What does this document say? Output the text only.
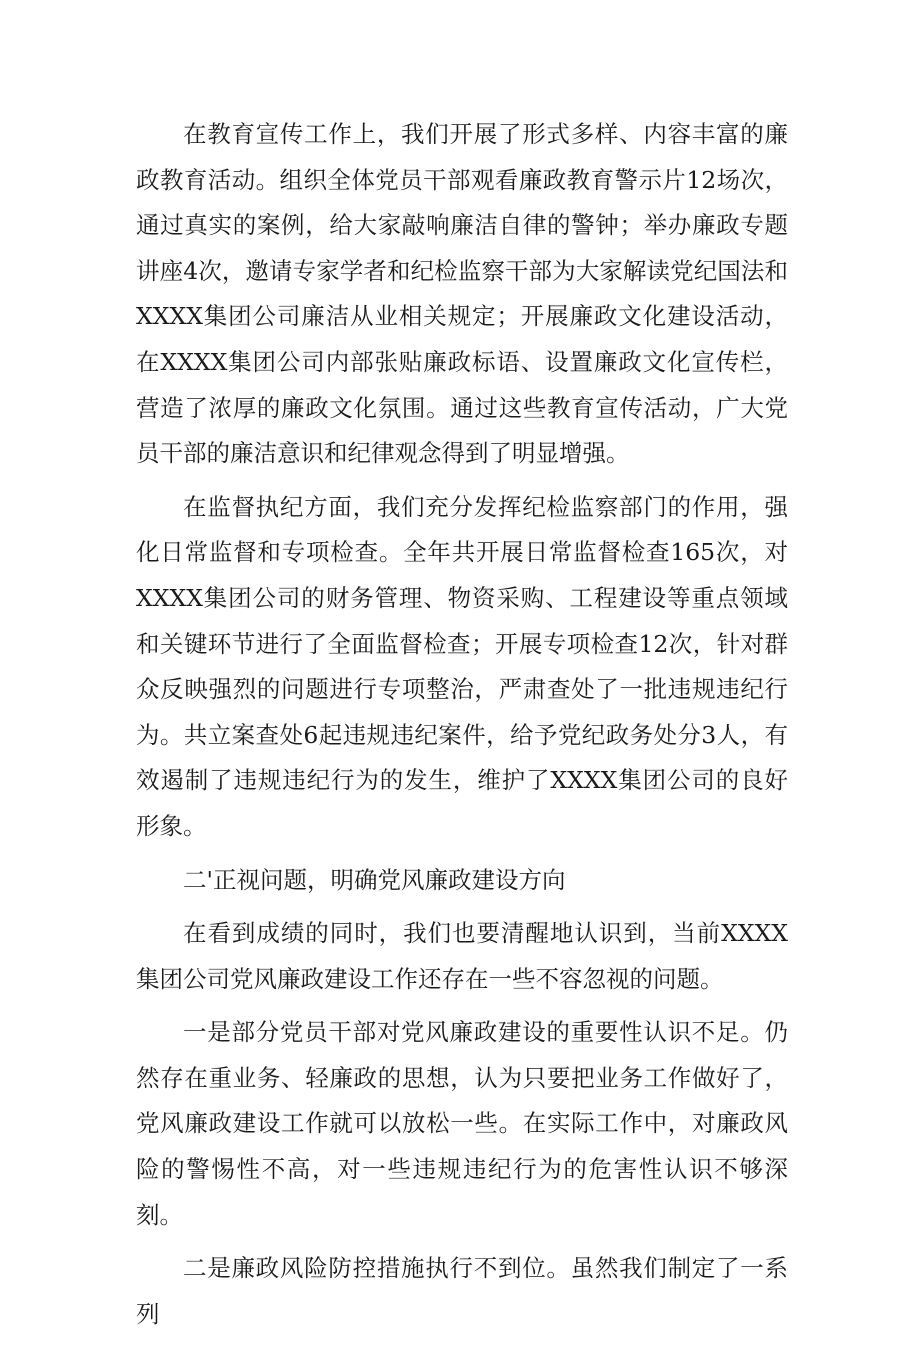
在教育宣传工作上，我们开展了形式多样、内容丰富的廉政教育活动。组织全体党员干部观看廉政教育警示片12场次，通过真实的案例，给大家敲响廉洁自律的警钟；举办廉政专题讲座4次，邀请专家学者和纪检监察干部为大家解读党纪国法和XXXX集团公司廉洁从业相关规定；开展廉政文化建设活动，在XXXX集团公司内部张贴廉政标语、设置廉政文化宣传栏，营造了浓厚的廉政文化氛围。通过这些教育宣传活动，广大党员干部的廉洁意识和纪律观念得到了明显增强。

在监督执纪方面，我们充分发挥纪检监察部门的作用，强化日常监督和专项检查。全年共开展日常监督检查165次，对XXXX集团公司的财务管理、物资采购、工程建设等重点领域和关键环节进行了全面监督检查；开展专项检查12次，针对群众反映强烈的问题进行专项整治，严肃查处了一批违规违纪行为。共立案查处6起违规违纪案件，给予党纪政务处分3人，有效遏制了违规违纪行为的发生，维护了XXXX集团公司的良好形象。

二'正视问题，明确党风廉政建设方向

在看到成绩的同时，我们也要清醒地认识到，当前XXXX集团公司党风廉政建设工作还存在一些不容忽视的问题。

一是部分党员干部对党风廉政建设的重要性认识不足。仍然存在重业务、轻廉政的思想，认为只要把业务工作做好了，党风廉政建设工作就可以放松一些。在实际工作中，对廉政风险的警惕性不高，对一些违规违纪行为的危害性认识不够深刻。

二是廉政风险防控措施执行不到位。虽然我们制定了一系列
